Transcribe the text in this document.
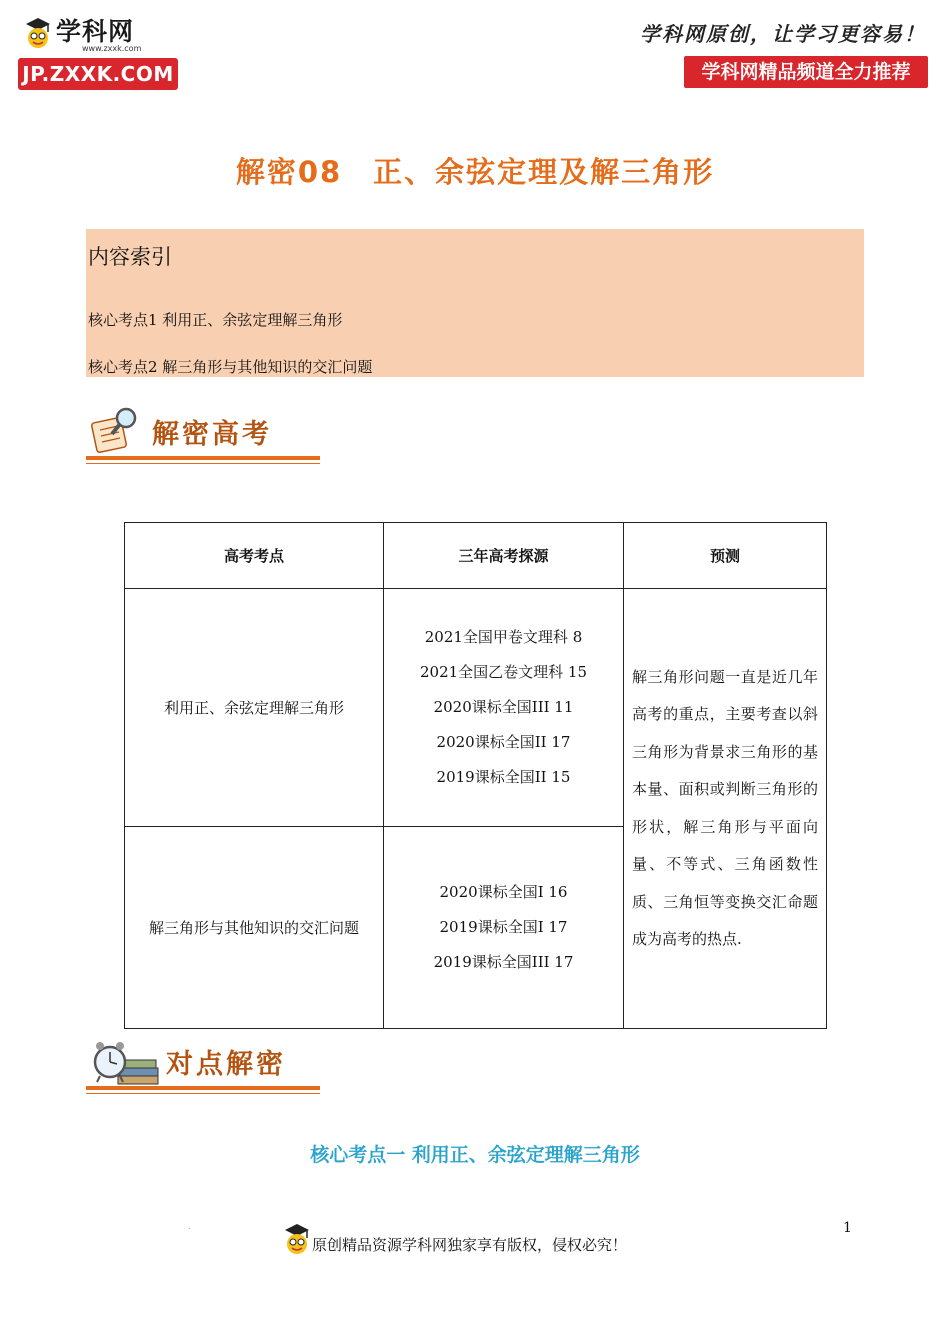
学科网
www.zxxk.com
JP.ZXXK.COM
学科网原创，让学习更容易！
学科网精品频道全力推荐
解密08　正、余弦定理及解三角形
内容索引
核心考点1 利用正、余弦定理解三角形
核心考点2 解三角形与其他知识的交汇问题
解密高考
高考考点	三年高考探源	预测
利用正、余弦定理解三角形	2021全国甲卷文理科 8
2021全国乙卷文理科 15
2020课标全国III 11
2020课标全国II 17
2019课标全国II 15	解三角形问题一直是近几年高考的重点，主要考查以斜三角形为背景求三角形的基本量、面积或判断三角形的形状，解三角形与平面向量、不等式、三角函数性质、三角恒等变换交汇命题成为高考的热点.
解三角形与其他知识的交汇问题	2020课标全国I 16
2019课标全国I 17
2019课标全国III 17	
对点解密
核心考点一 利用正、余弦定理解三角形
.
原创精品资源学科网独家享有版权，侵权必究！
1
